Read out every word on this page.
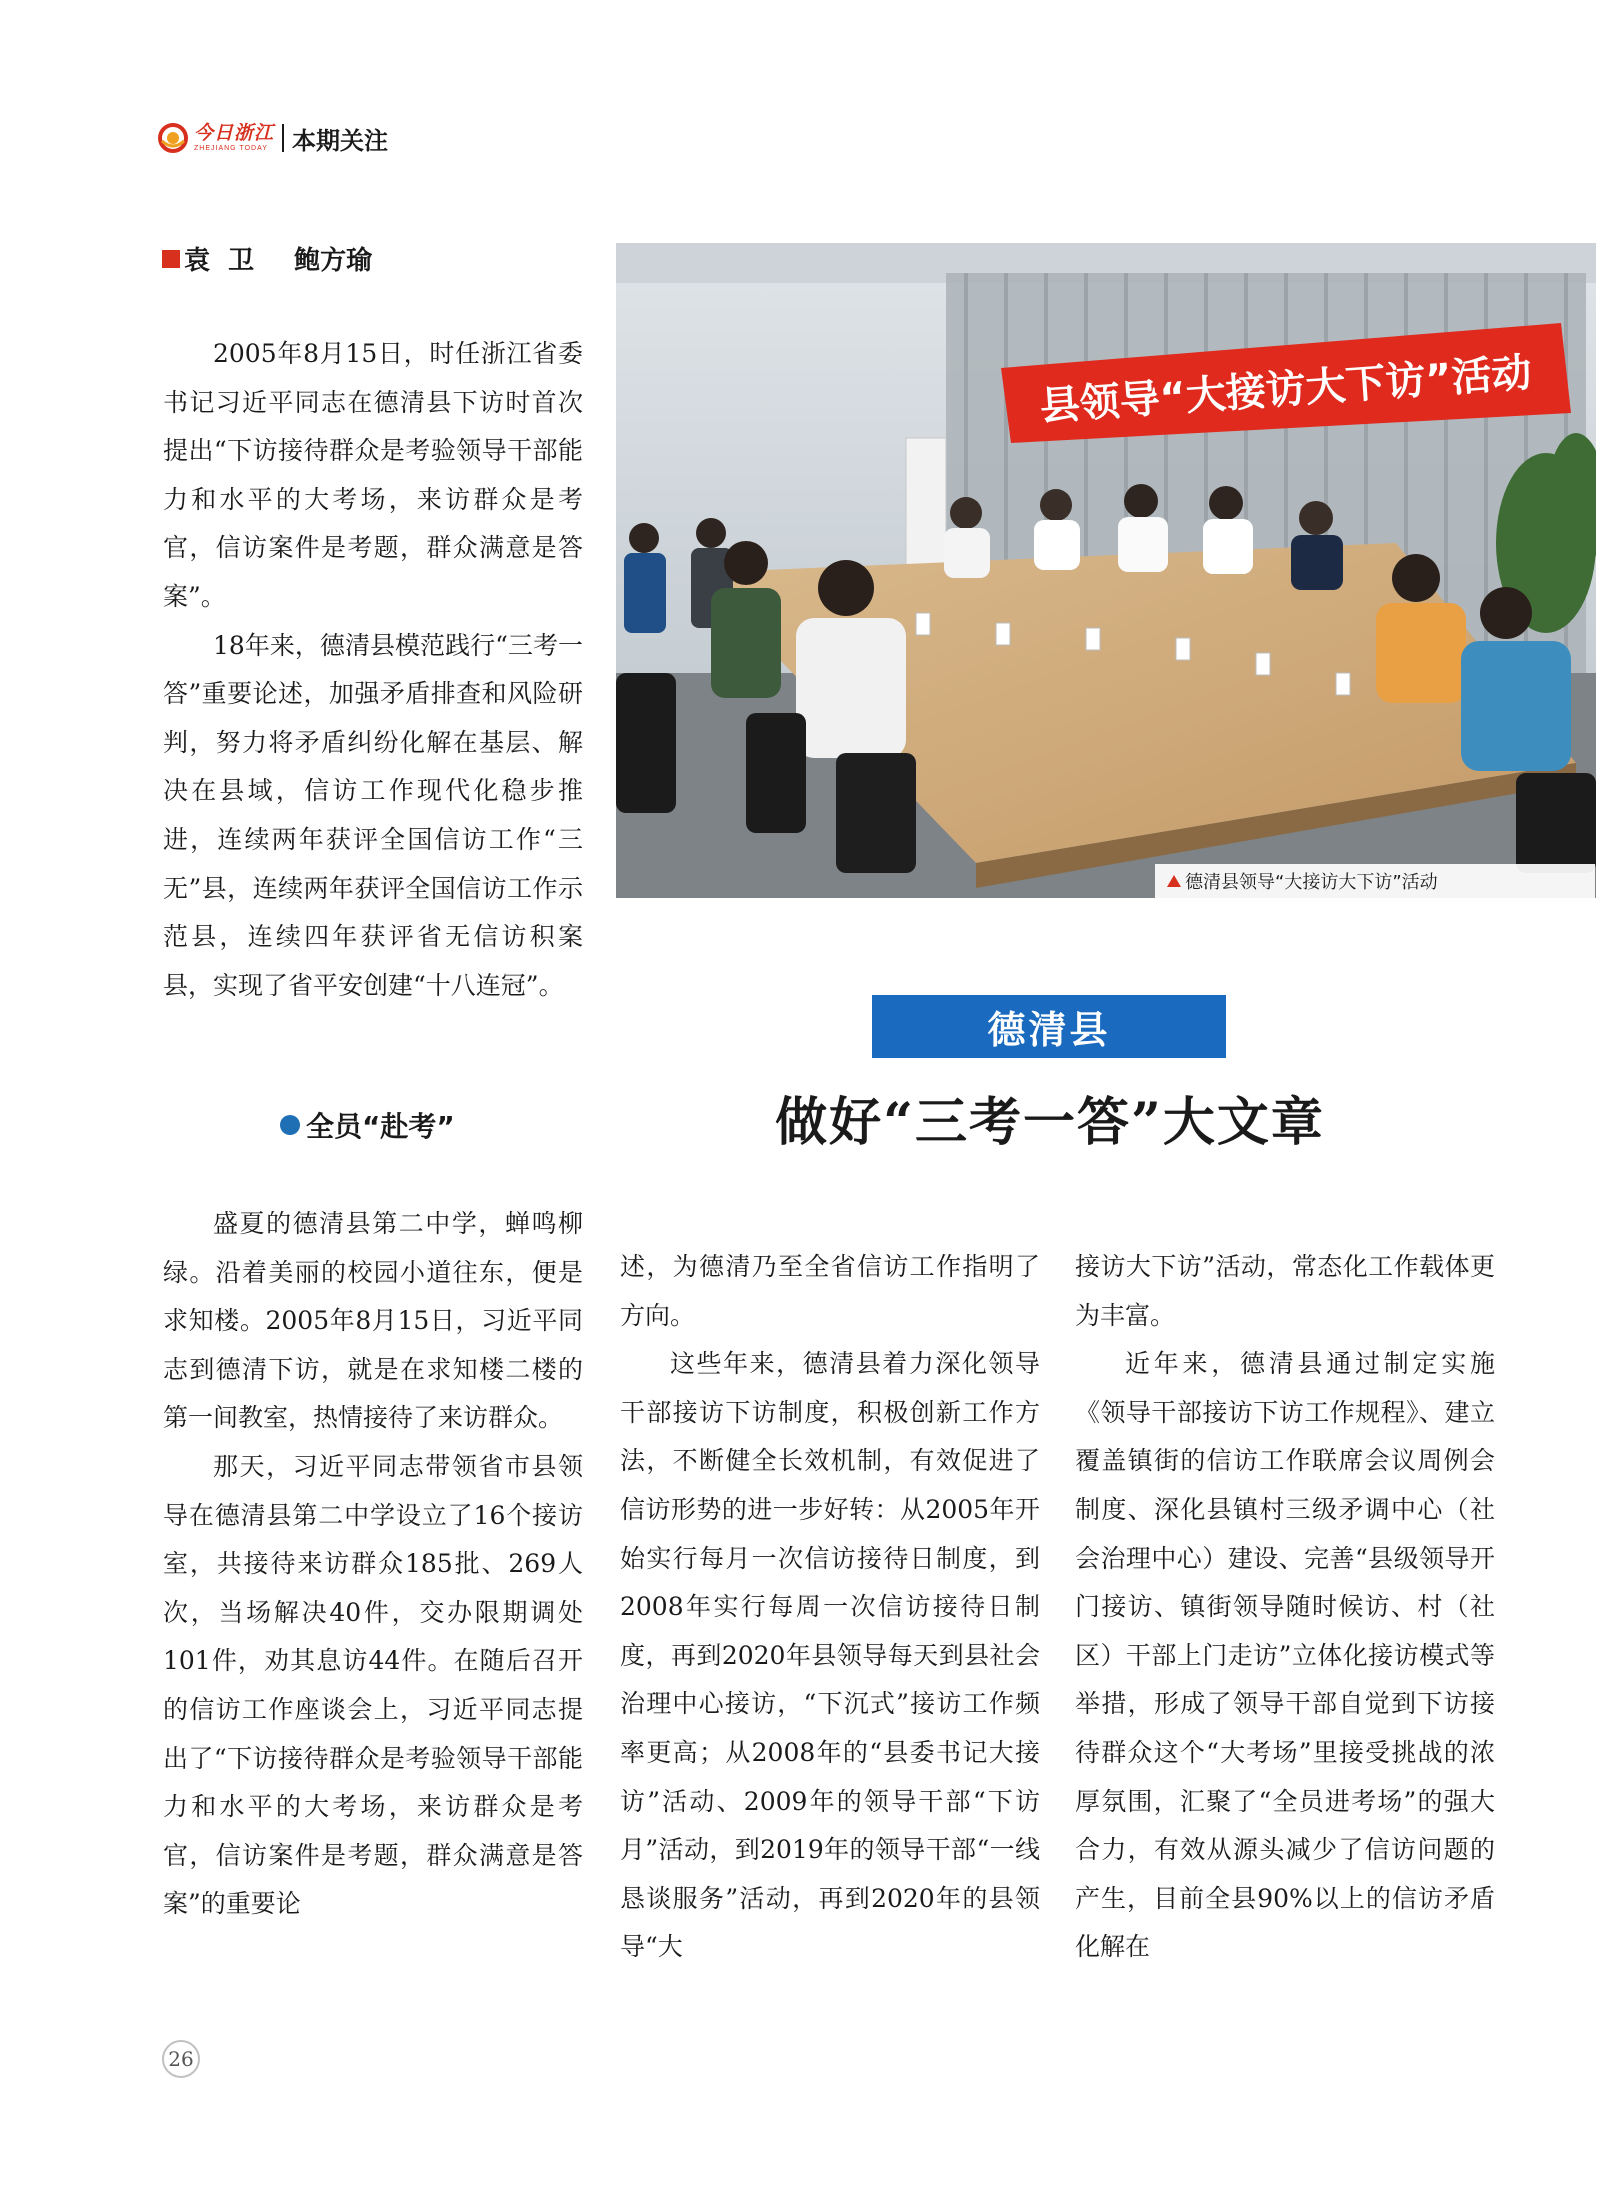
今日浙江
ZHEJIANG TODAY 本期关注
袁  卫 鲍方瑜

2005年8月15日，时任浙江省委书记习近平同志在德清县下访时首次提出“下访接待群众是考验领导干部能力和水平的大考场，来访群众是考官，信访案件是考题，群众满意是答案”。

18年来，德清县模范践行“三考一答”重要论述，加强矛盾排查和风险研判，努力将矛盾纠纷化解在基层、解决在县域，信访工作现代化稳步推进，连续两年获评全国信访工作“三无”县，连续两年获评全国信访工作示范县，连续四年获评省无信访积案县，实现了省平安创建“十八连冠”。

县领导“大接访大下访”活动
德清县领导“大接访大下访”活动
德清县
做好“三考一答”大文章
全员“赴考”

盛夏的德清县第二中学，蝉鸣柳绿。沿着美丽的校园小道往东，便是求知楼。2005年8月15日，习近平同志到德清下访，就是在求知楼二楼的第一间教室，热情接待了来访群众。

那天，习近平同志带领省市县领导在德清县第二中学设立了16个接访室，共接待来访群众185批、269人次，当场解决40件，交办限期调处101件，劝其息访44件。在随后召开的信访工作座谈会上，习近平同志提出了“下访接待群众是考验领导干部能力和水平的大考场，来访群众是考官，信访案件是考题，群众满意是答案”的重要论

述，为德清乃至全省信访工作指明了方向。

这些年来，德清县着力深化领导干部接访下访制度，积极创新工作方法，不断健全长效机制，有效促进了信访形势的进一步好转：从2005年开始实行每月一次信访接待日制度，到2008年实行每周一次信访接待日制度，再到2020年县领导每天到县社会治理中心接访，“下沉式”接访工作频率更高；从2008年的“县委书记大接访”活动、2009年的领导干部“下访月”活动，到2019年的领导干部“一线恳谈服务”活动，再到2020年的县领导“大

接访大下访”活动，常态化工作载体更为丰富。

近年来，德清县通过制定实施《领导干部接访下访工作规程》、建立覆盖镇街的信访工作联席会议周例会制度、深化县镇村三级矛调中心（社会治理中心）建设、完善“县级领导开门接访、镇街领导随时候访、村（社区）干部上门走访”立体化接访模式等举措，形成了领导干部自觉到下访接待群众这个“大考场”里接受挑战的浓厚氛围，汇聚了“全员进考场”的强大合力，有效从源头减少了信访问题的产生，目前全县90%以上的信访矛盾化解在

26
